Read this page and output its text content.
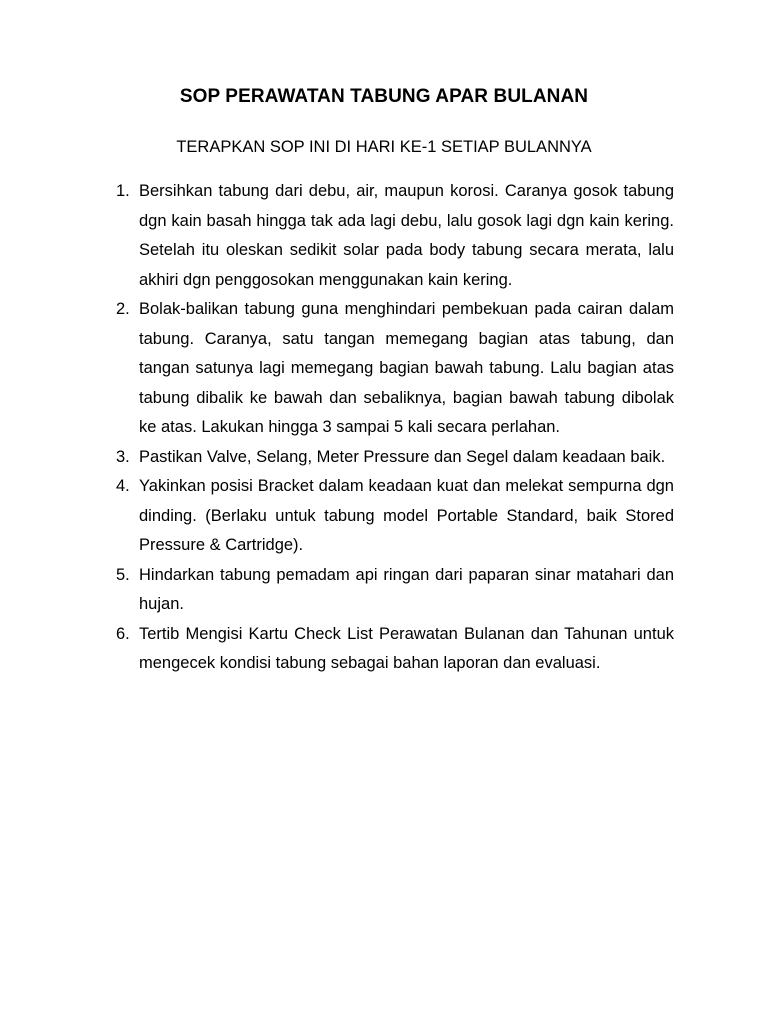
SOP PERAWATAN TABUNG APAR BULANAN

TERAPKAN SOP INI DI HARI KE-1 SETIAP BULANNYA

1. Bersihkan tabung dari debu, air, maupun korosi. Caranya gosok tabung dgn kain basah hingga tak ada lagi debu, lalu gosok lagi dgn kain kering. Setelah itu oleskan sedikit solar pada body tabung secara merata, lalu akhiri dgn penggosokan menggunakan kain kering.

2. Bolak-balikan tabung guna menghindari pembekuan pada cairan dalam tabung. Caranya, satu tangan memegang bagian atas tabung, dan tangan satunya lagi memegang bagian bawah tabung. Lalu bagian atas tabung dibalik ke bawah dan sebaliknya, bagian bawah tabung dibolak ke atas. Lakukan hingga 3 sampai 5 kali secara perlahan.

3. Pastikan Valve, Selang, Meter Pressure dan Segel dalam keadaan baik.

4. Yakinkan posisi Bracket dalam keadaan kuat dan melekat sempurna dgn dinding. (Berlaku untuk tabung model Portable Standard, baik Stored Pressure & Cartridge).

5. Hindarkan tabung pemadam api ringan dari paparan sinar matahari dan hujan.

6. Tertib Mengisi Kartu Check List Perawatan Bulanan dan Tahunan untuk mengecek kondisi tabung sebagai bahan laporan dan evaluasi.
